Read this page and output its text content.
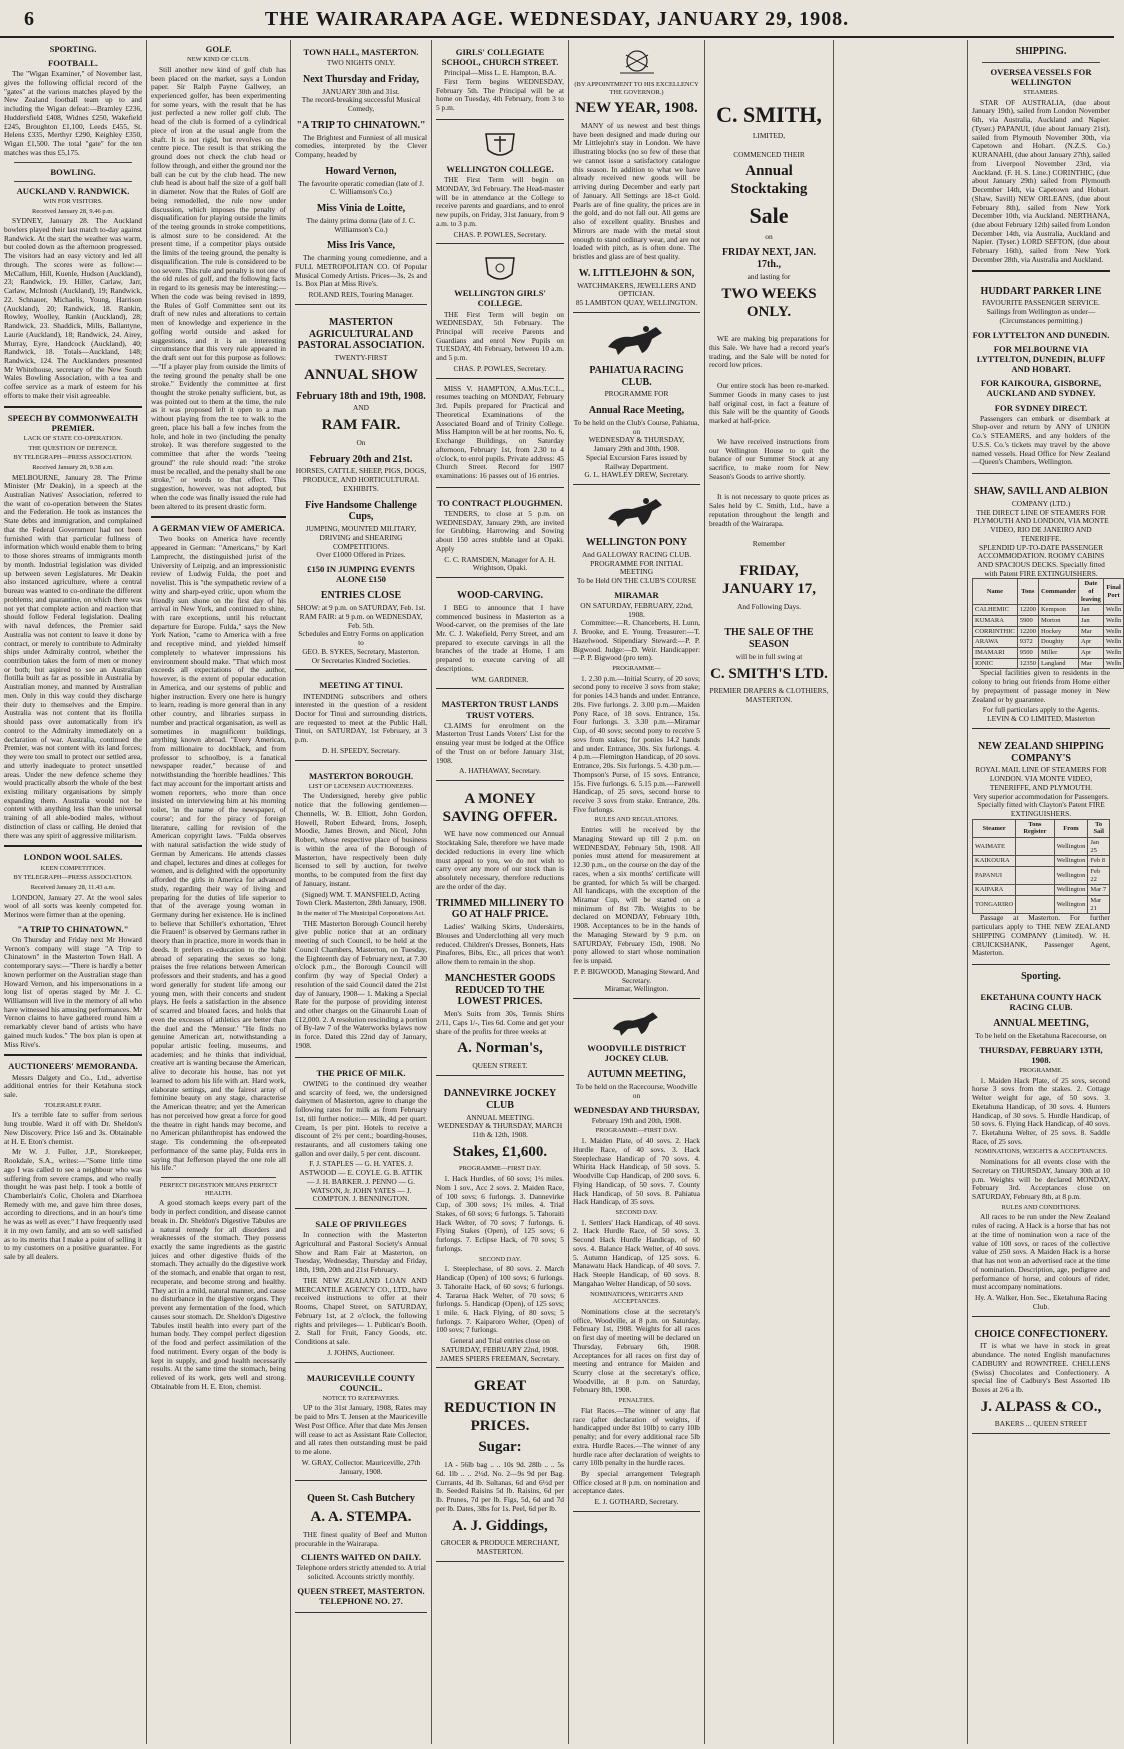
6	THE WAIRARAPA AGE. WEDNESDAY, JANUARY 29, 1908.
SPORTING.
FOOTBALL.

The "Wigan Examiner," of November last, gives the following official record of the "gates" at the various matches played by the New Zealand football team up to and including the Wigan defeat:—Bramley £236, Huddersfield £408, Widnes £250, Wakefield £245, Broughton £1,100, Leeds £455, St. Helens £335, Merthyr £290, Keighley £350, Wigan £1,500. The total "gate" for the ten matches was thus £5,175.

BOWLING.
AUCKLAND V. RANDWICK.
WIN FOR VISITORS.
Received January 28, 9.46 p.m.

SYDNEY, January 28. The Auckland bowlers played their last match to-day against Randwick. At the start the weather was warm, but cooled down as the afternoon progressed. The visitors had an easy victory and led all through. The scores were as follow:— McCallum, Hill, Kuenle, Hudson (Auckland), 23; Randwick, 19. Hiller, Carlaw, Jarr, Carlaw, McIntosh (Auckland), 19; Randwick, 22. Schnauer, Michaelis, Young, Harrison (Auckland), 20; Randwick, 18. Rankin, Rowley, Woolley, Rankin (Auckland), 28; Randwick, 23. Shaddick, Mills, Ballantyne, Laurie (Auckland), 18; Randwick, 24. Airey, Murray, Eyre, Handcock (Auckland), 40; Randwick, 18. Totals—Auckland, 148; Randwick, 124. The Aucklanders presented Mr Whitehouse, secretary of the New South Wales Bowling Association, with a tea and coffee service as a mark of esteem for his efforts to make their visit agreeable.

SPEECH BY COMMONWEALTH PREMIER.
LACK OF STATE CO-OPERATION.
THE QUESTION OF DEFENCE.
BY TELEGRAPH—PRESS ASSOCIATION.
Received January 28, 9.38 a.m.

MELBOURNE, January 28. The Prime Minister (Mr Deakin), in a speech at the Australian Natives' Association, referred to the want of co-operation between the States and the Federation. He took as instances the State debts and immigration, and complained that the Federal Government had not been furnished with that particular fullness of information which would enable them to bring to those shores streams of immigrants month by month. Industrial legislation was divided up between seven Legislatures. Mr Deakin also instanced agriculture, where a central bureau was wanted to co-ordinate the different problems; and quarantine, on which there was not yet that complete action and reaction that should follow Federal legislation. Dealing with naval defences, the Premier said Australia was not content to leave it done by contract, or merely to contribute to Admiralty ships under Admiralty control, whether the contribution takes the form of men or money or both; but aspired to see an Australian flotilla built as far as possible in Australia by Australian money, and manned by Australian men. Only in this way could they discharge their duty to themselves and the Empire. Australia was not content that its flotilla should pass over automatically from it's control to the Admiralty immediately on a declaration of war. Australia, continued the Premier, was not content with its land forces; they were too small to protect our settled area, and utterly inadequate to protect unsettled areas. Under the new defence scheme they would practically absorb the whole of the best existing military organisations by simply expanding them. Australia would not be content with anything less than the universal training of all able-bodied males, without distinction of class or calling. He denied that there was any spirit of aggressive militarism.

LONDON WOOL SALES.
KEEN COMPETITION.
BY TELEGRAPH—PRESS ASSOCIATION.
Received January 28, 11.43 a.m.

LONDON, January 27. At the wool sales wool of all sorts was keenly competed for. Merinos were firmer than at the opening.

"A TRIP TO CHINATOWN."

On Thursday and Friday next Mr Howard Vernon's company will stage "A Trip to Chinatown" in the Masterton Town Hall. A contemporary says:—"There is hardly a better known performer on the Australian stage than Howard Vernon, and his impersonations in a long list of operas staged by Mr J. C. Williamson will live in the memory of all who have witnessed his amusing performances. Mr Vernon claims to have gathered round him a remarkably clever band of artists who have gained much kudos." The box plan is open at Miss Rive's.

AUCTIONEERS' MEMORANDA.

Messrs Dalgety and Co., Ltd., advertise additional entries for their Ketahuna stock sale.

TOLERABLE FARE.

It's a terrible fate to suffer from serious lung trouble. Ward it off with Dr. Sheldon's New Discovery. Price 1s6 and 3s. Obtainable at H. E. Eton's chemist.

Mr W. J. Fuller, J.P., Storekeeper, Rookdale, S.A., writes:—"Some little time ago I was called to see a neighbour who was suffering from severe cramps, and who really thought he was past help. I took a bottle of Chamberlain's Colic, Cholera and Diarrhoea Remedy with me, and gave him three doses, according to directions, and in an hour's time he was as well as ever." I have frequently used it in my own family, and am so well satisfied as to its merits that I make a point of selling it to my customers on a positive guarantee. For sale by all dealers.

GOLF.
NEW KIND OF CLUB.

Still another new kind of golf club has been placed on the market, says a London paper. Sir Ralph Payne Gallwey, an experienced golfer, has been experimenting for some years, with the result that he has just perfected a new roller golf club. The head of the club is formed of a cylindrical piece of iron at the usual angle from the shaft. It is not rigid, but revolves on the centre piece. The result is that striking the ground does not check the club head or follow through, and either the ground nor the ball can be cut by the club head. The new club head is about half the size of a golf ball in diameter. Now that the Rules of Golf are being remodelled, the rule now under discussion, which imposes the penalty of disqualification for playing outside the limits of the teeing grounds in stroke competitions, is almost sure to be considered. At the present time, if a competitor plays outside the limits of the teeing ground, the penalty is disqualification. The rule is considered to be too severe. This rule and penalty is not one of the old rules of golf, and the following facts in regard to its genesis may be interesting:—When the code was being revised in 1899, the Rules of Golf Committee sent out its draft of new rules and alterations to certain men of knowledge and experience in the golfing world outside and asked for suggestions, and it is an interesting circumstance that this very rule appeared in the draft sent out for this purpose as follows:—"If a player play from outside the limits of the teeing ground the penalty shall be one stroke." Evidently the committee at first thought the stroke penalty sufficient, but, as was pointed out to them at the time, the rule as it was proposed left it open to a man without playing from the tee to walk to the green, place his ball a few inches from the hole, and hole in two (including the penalty stroke). It was therefore suggested to the committee that after the words "teeing ground" the rule should read: "the stroke must be recalled, and the penalty shall be one stroke," or words to that effect. This suggestion, however, was not adopted, but when the code was finally issued the rule had been altered to its present drastic form.

A GERMAN VIEW OF AMERICA.

Two books on America have recently appeared in German: "Americans," by Karl Lamprecht, the distinguished jurist of the University of Leipzig, and an impressionistic review of Ludwig Fulda, the poet and novelist. This is "the sympathetic review of a witty and sharp-eyed critic, upon whom the friendly sun shone on the first day of his arrival in New York, and continued to shine, with rare exceptions, until his reluctant departure for Europe. Fulda," says the New York Nation, "came to America with a free and receptive mind, and yielded himself completely to whatever impressions his environment should make. "That which most exceeds all expectations of the author, however, is the extent of popular education in America, and our systems of public and higher instruction. Every one here is hungry to learn, reading is more general than in any other country, and libraries surpass in number and practical organisation, as well as sometimes in magnificent buildings, anything known abroad. "Every American, from millionaire to dockblack, and from professor to schoolboy, is a fanatical newspaper reader," because of and notwithstanding the 'horrible headlines.' This fact may account for the important artists and women reporters, who more than once insisted on interviewing him at his morning toilet, 'in the name of the newspaper, of course'; and for the piracy of foreign literature, calling for revision of the American copyright laws. "Fulda observes with natural satisfaction the wide study of German by Americans. He attends classes and chapel, lectures and dines at colleges for women, and is delighted with the opportunity afforded the girls in America for advanced study, regarding their way of living and preparing for the duties of life superior to that of the average young woman in Germany during her existence. He is inclined to believe that Schiller's exhortation, 'Ehret die Frauen!' is observed by Germans rather in theory than in practice, more in words than in deeds. It prefers co-education to the habit abroad of separating the sexes so long, praises the free relations between American professors and their students, and has a good word generally for student life among our young men, with their concerts and student plays. He feels a satisfaction in the absence of scarred and bloated faces, and holds that even the excesses of athletics are better than the duel and the 'Mensur.' "He finds no genuine American art, notwithstanding a popular artistic feeling, museums, and academies; and he thinks that individual, creative art is wanting because the American, alive to decorate his house, has not yet learned to adorn his life with art. Hard work, elaborate settings, and the fairest array of feminine beauty on any stage, characterise the American theatre; and yet the American has not perceived how great a force for good the theatre in right hands may become, and no American philanthropist has endowed the stage. Tis condemning the oft-repeated performance of the same play, Fulda errs in saying that Jefferson played the one role all his life."

PERFECT DIGESTION MEANS PERFECT HEALTH.

A good stomach keeps every part of the body in perfect condition, and disease cannot break in. Dr. Sheldon's Digestive Tabules are a natural remedy for all disorders and weaknesses of the stomach. They possess exactly the same ingredients as the gastric juices and other digestive fluids of the stomach. They actually do the digestive work of the stomach, and enable that organ to rest, recuperate, and become strong and healthy. They act in a mild, natural manner, and cause no disturbance in the digestive organs. They prevent any fermentation of the food, which causes sour stomach. Dr. Sheldon's Digestive Tabules instil health into every part of the human body. They compel perfect digestion of the food and perfect assimilation of the food nutriment. Every organ of the body is kept in supply, and good health necessarily results. At the same time the stomach, being relieved of its work, gets well and strong. Obtainable from H. E. Eton, chemist.

TOWN HALL, MASTERTON.
TWO NIGHTS ONLY.
Next Thursday and Friday,
JANUARY 30th and 31st.
The record-breaking successful Musical Comedy,
"A TRIP TO CHINATOWN."

The Brightest and Funniest of all musical comedies, interpreted by the Clever Company, headed by

Howard Vernon,
The favourite operatic comedian (late of J. C. Williamson's Co.)
Miss Vinia de Loitte,
The dainty prima donna (late of J. C. Williamson's Co.)
Miss Iris Vance,

The charming young comedienne, and a FULL METROPOLITAN CO. Of Popular Musical Comedy Artists. Prices—3s, 2s and 1s. Box Plan at Miss Rive's.

ROLAND REIS, Touring Manager.
MASTERTON AGRICULTURAL AND PASTORAL ASSOCIATION.
TWENTY-FIRST
ANNUAL SHOW
February 18th and 19th, 1908.
AND
RAM FAIR.
On
February 20th and 21st.
HORSES, CATTLE, SHEEP, PIGS, DOGS, PRODUCE, AND HORTICULTURAL EXHIBITS.
Five Handsome Challenge Cups,
JUMPING, MOUNTED MILITARY, DRIVING and SHEARING COMPETITIONS.
Over £1000 Offered in Prizes.
£150 IN JUMPING EVENTS ALONE £150
ENTRIES CLOSE
SHOW: at 9 p.m. on SATURDAY, Feb. 1st.
RAM FAIR: at 9 p.m. on WEDNESDAY, Feb. 5th.
Schedules and Entry Forms on application to
GEO. B. SYKES, Secretary, Masterton.
Or Secretaries Kindred Societies.
MEETING AT TINUI.

INTENDING subscribers and others interested in the question of a resident Doctor for Tinui and surrounding districts, are requested to meet at the Public Hall, Tinui, on SATURDAY, 1st February, at 3 p.m.

D. H. SPEEDY, Secretary.
MASTERTON BOROUGH.
LIST OF LICENSED AUCTIONEERS.

The Undersigned, hereby give public notice that the following gentlemen— Chennells, W. B. Elliott, John Gordon, Howell, Robert Edward, Irons, Joseph, Moodie, James Brown, and Nicol, John Robert, whose respective place of business is within the area of the Borough of Masterton, have respectively been duly licensed to sell by auction, for twelve months, to be computed from the first day of January, instant.

(Signed) WM. T. MANSFIELD, Acting Town Clerk. Masterton, 28th January, 1908.
In the matter of The Municipal Corporations Act.

THE Masterton Borough Council hereby give public notice that at an ordinary meeting of such Council, to be held at the Council Chambers, Masterton, on Tuesday, the Eighteenth day of February next, at 7.30 o'clock p.m., the Borough Council will confirm (by way of Special Order) a resolution of the said Council dated the 21st day of January, 1908— 1. Making a Special Rate for the purpose of providing interest and other charges on the Ginaurohi Loan of £12,000. 2. A resolution rescinding a portion of By-law 7 of the Waterworks bylaws now in force. Dated this 22nd day of January, 1908.

THE PRICE OF MILK.

OWING to the continued dry weather and scarcity of feed, we, the undersigned dairymen of Masterton, agree to change the following rates for milk as from February 1st, till further notice:— Milk, 4d per quart. Cream, 1s per pint. Hotels to receive a discount of 2½ per cent.; boarding-houses, restaurants, and all customers taking one gallon and over daily, 5 per cent. discount.

F. J. STAPLES — G. H. YATES. J. ASTWOOD — E. COYLE. G. B. ATTIK — J. H. BARKER. J. PENNO — G. WATSON, Jr. JOHN YATES — J. COMPTON. J. BENNINGTON.
SALE OF PRIVILEGES

In connection with the Masterton Agricultural and Pastoral Society's Annual Show and Ram Fair at Masterton, on Tuesday, Wednesday, Thursday and Friday, 18th, 19th, 20th and 21st February.

THE NEW ZEALAND LOAN AND MERCANTILE AGENCY CO., LTD., have received instructions to offer at their Rooms, Chapel Street, on SATURDAY, February 1st, at 2 o'clock, the following rights and privileges— 1. Publican's Booth. 2. Stall for Fruit, Fancy Goods, etc. Conditions at sale.

J. JOHNS, Auctioneer.
MAURICEVILLE COUNTY COUNCIL.
NOTICE TO RATEPAYERS.

UP to the 31st January, 1908, Rates may be paid to Mrs T. Jensen at the Mauriceville West Post Office. After that date Mrs Jensen will cease to act as Assistant Rate Collector, and all rates then outstanding must be paid to me alone.

W. GRAY, Collector. Mauriceville, 27th January, 1908.
Queen St. Cash Butchery
A. A. STEMPA.

THE finest quality of Beef and Mutton procurable in the Wairarapa.

CLIENTS WAITED ON DAILY.
Telephone orders strictly attended to. A trial solicited. Accounts strictly monthly.
QUEEN STREET, MASTERTON. TELEPHONE NO. 27.
GIRLS' COLLEGIATE SCHOOL, CHURCH STREET.
Principal—Miss L. E. Hampton, B.A.

First Term begins WEDNESDAY, February 5th. The Principal will be at home on Tuesday, 4th February, from 3 to 5 p.m.

WELLINGTON COLLEGE.

THE First Term will begin on MONDAY, 3rd February. The Head-master will be in attendance at the College to receive parents and guardians, and to enrol new pupils, on Friday, 31st January, from 9 a.m. to 3 p.m.

CHAS. P. POWLES, Secretary.
WELLINGTON GIRLS' COLLEGE.

THE First Term will begin on WEDNESDAY, 5th February. The Principal will receive Parents and Guardians and enrol New Pupils on TUESDAY, 4th February, between 10 a.m. and 5 p.m.

CHAS. P. POWLES, Secretary.

MISS V. HAMPTON, A.Mus.T.C.L., resumes teaching on MONDAY, February 3rd. Pupils prepared for Practical and Theoretical Examinations of the Associated Board and of Trinity College. Miss Hampton will be at her rooms, No. 6, Exchange Buildings, on Saturday afternoon, February 1st, from 2.30 to 4 o'clock, to enrol pupils. Private address: 45 Church Street. Record for 1907 examinations: 16 passes out of 16 entries.

TO CONTRACT PLOUGHMEN.

TENDERS, to close at 5 p.m. on WEDNESDAY, January 29th, are invited for Grubbing, Harrowing and Sowing about 150 acres stubble land at Opaki. Apply

C. C. RAMSDEN, Manager for A. H. Wrightson, Opaki.
WOOD-CARVING.

I BEG to announce that I have commenced business in Masterton as a Wood-carver, on the premises of the late Mr. C. J. Wakefield, Perry Street, and am prepared to execute carvings in all the branches of the trade at Home, I am prepared to execute carving of all descriptions.

WM. GARDINER.
MASTERTON TRUST LANDS TRUST VOTERS.

CLAIMS for enrolment on the Masterton Trust Lands Voters' List for the ensuing year must be lodged at the Office of the Trust on or before January 31st, 1908.

A. HATHAWAY, Secretary.
A MONEY SAVING OFFER.

WE have now commenced our Annual Stocktaking Sale, therefore we have made decided reductions in every line which must appeal to you, we do not wish to carry over any more of our stock than is absolutely necessary, therefore reductions are the order of the day.

TRIMMED MILLINERY TO GO AT HALF PRICE.

Ladies' Walking Skirts, Underskirts, Blouses and Underclothing all very much reduced. Children's Dresses, Bonnets, Hats Pinafores, Bibs, Etc., all prices that won't allow them to remain in the shop.

MANCHESTER GOODS REDUCED TO THE LOWEST PRICES.

Men's Suits from 30s, Tennis Shirts 2/11, Caps 1/-, Ties 6d. Come and get your share of the profits for three weeks at

A. Norman's,
QUEEN STREET.
DANNEVIRKE JOCKEY CLUB
ANNUAL MEETING.
WEDNESDAY & THURSDAY, MARCH 11th & 12th, 1908.
Stakes, £1,600.
PROGRAMME—FIRST DAY.

1. Hack Hurdles, of 60 sovs; 1½ miles. Nom 1 sov., Acc 2 sovs. 2. Maiden Race, of 100 sovs; 6 furlongs. 3. Dannevirke Cup, of 300 sovs; 1½ miles. 4. Trial Stakes, of 60 sovs; 6 furlongs. 5. Tahoraiti Hack Welter, of 70 sovs; 7 furlongs. 6. Flying Stakes (Open), of 125 sovs; 6 furlongs. 7. Eclipse Hack, of 70 sovs; 5 furlongs.

SECOND DAY.

1. Steeplechase, of 80 sovs. 2. March Handicap (Open) of 100 sovs; 6 furlongs. 3. Tahoraite Hack, of 60 sovs; 6 furlongs. 4. Tararua Hack Welter, of 70 sovs; 6 furlongs. 5. Handicap (Open), of 125 sovs; 1 mile. 6. Hack Flying, of 80 sovs; 5 furlongs. 7. Kaiparoro Welter, (Open) of 100 sovs; 7 furlongs.

General and Trial entries close on SATURDAY, FEBRUARY 22nd, 1908.
JAMES SPIERS FREEMAN, Secretary.
GREAT
REDUCTION IN PRICES.
Sugar:

1A - 56lb bag .. .. 10s 9d. 28lb .. .. 5s 6d. 1lb .. .. 2½d. No. 2—9s 9d per Bag. Currants, 4d lb. Sultanas, 6d and 6½d per lb. Seeded Raisins 5d lb. Raisins, 6d per lb. Prunes, 7d per lb. Figs, 5d, 6d and 7d per lb. Dates, 3lbs for 1s. Peel, 6d per lb.

A. J. Giddings,
GROCER & PRODUCE MERCHANT, MASTERTON.
(BY APPOINTMENT TO HIS EXCELLENCY THE GOVERNOR.)
NEW YEAR, 1908.

MANY of us newest and best things have been designed and made during our Mr Littlejohn's stay in London. We have illustrating blocks (no so few of these that we cannot issue a satisfactory catalogue this season. In addition to what we have already received new goods will be arriving during December and early part of January. All Settings are 18-ct Gold. Pearls are of fine quality, the prices are in the gold, and do not fall out. All gems are also of excellent quality. Brushes and Mirrors are made with the metal stout enough to stand ordinary wear, and are not loaded with pitch, as is often done. The bristles and glass are of best quality.

W. LITTLEJOHN & SON,
WATCHMAKERS, JEWELLERS AND OPTICIAN.
85 LAMBTON QUAY, WELLINGTON.
PAHIATUA RACING CLUB.
PROGRAMME FOR
Annual Race Meeting,
To be held on the Club's Course, Pahiatua, on
WEDNESDAY & THURSDAY,
January 29th and 30th, 1908.
Special Excursion Fares issued by Railway Department.
G. L. HAWLEY DREW, Secretary.
WELLINGTON PONY
And GALLOWAY RACING CLUB.
PROGRAMME FOR INITIAL MEETING
To be Held ON THE CLUB'S COURSE
MIRAMAR
ON SATURDAY, FEBRUARY, 22nd, 1908.

Committee:—R. Chanceberts, H. Lunn, J. Brooke, and E. Young. Treasurer:—T. Hazelwood. Stipendiary Steward:—P. P. Bigwood. Judge:—D. Weir. Handicapper:—P. P. Bigwood (pro tem).

PROGRAMME—

1. 2.30 p.m.—Initial Scurry, of 20 sovs; second pony to receive 3 sovs from stake; for ponies 14.3 hands and under. Entrance, 20s. Five furlongs. 2. 3.00 p.m.—Maiden Pony Race, of 18 sovs. Entrance, 15s. Four furlongs. 3. 3.30 p.m.—Miramar Cup, of 40 sovs; second pony to receive 5 sovs from stakes; for ponies 14.2 hands and under. Entrance, 30s. Six furlongs. 4. 4 p.m.—Flemington Handicap, of 20 sovs. Entrance, 20s. Six furlongs. 5. 4.30 p.m.—Thompson's Purse, of 15 sovs. Entrance, 15s. Five furlongs. 6. 5.15 p.m.—Farewell Handicap, of 25 sovs, second horse to receive 3 sovs from stake. Entrance, 20s. Five furlongs.

RULES AND REGULATIONS.

Entries will be received by the Managing Steward up till 2 p.m. on WEDNESDAY, February 5th, 1908. All ponies must attend for measurement at 12.30 p.m., on the course on the day of the races, when a six months' certificate will be granted, for which 5s will be charged. All handicaps, with the exception of the Miramar Cup, will be started on a minimum of 8st 7lb. Weights to be declared on MONDAY, February 10th, 1908. Acceptances to be in the hands of the Managing Steward by 9 p.m. on SATURDAY, February 15th, 1908. No pony allowed to start whose nomination fee is unpaid.

P. P. BIGWOOD, Managing Steward, And Secretary.
Miramar, Wellington.
WOODVILLE DISTRICT JOCKEY CLUB.
AUTUMN MEETING,
To be held on the Racecourse, Woodville on
WEDNESDAY AND THURSDAY,
February 19th and 20th, 1908.
PROGRAMME—FIRST DAY.

1. Maiden Plate, of 40 sovs. 2. Hack Hurdle Race, of 40 sovs. 3. Hack Steeplechase Handicap of 70 sovs. 4. Whirita Hack Handicap, of 50 sovs. 5. Woodville Cup Handicap, of 200 sovs. 6. Flying Handicap, of 50 sovs. 7. County Hack Handicap, of 50 sovs. 8. Pahiatua Hack Handicap, of 35 sovs.

SECOND DAY.

1. Settlers' Hack Handicap, of 40 sovs. 2. Hack Hurdle Race, of 50 sovs. 3. Second Hack Hurdle Handicap, of 60 sovs. 4. Balance Hack Welter, of 40 sovs. 5. Autumn Handicap, of 125 sovs. 6. Manawatu Hack Handicap, of 40 sovs. 7. Hack Steeple Handicap, of 60 sovs. 8. Mangahao Welter Handicap, of 50 sovs.

NOMINATIONS, WEIGHTS AND ACCEPTANCES.

Nominations close at the secretary's office, Woodville, at 8 p.m. on Saturday, February 1st, 1908. Weights for all races on first day of meeting will be declared on Thursday, February 6th, 1908. Acceptances for all races on first day of meeting and entrance for Maiden and Scurry close at the secretary's office, Woodville, at 8 p.m. on Saturday, February 8th, 1908.

PENALTIES.

Flat Races.—The winner of any flat race (after declaration of weights, if handicapped under 8st 10lb) to carry 10lb penalty; and for every additional race 5lb extra. Hurdle Races.—The winner of any hurdle race after declaration of weights to carry 10lb penalty in the hurdle races.

By special arrangement Telegraph Office closed at 8 p.m. on nomination and acceptance dates.

E. J. GOTHARD, Secretary.
C. SMITH,
LIMITED,
COMMENCED THEIR
Annual Stocktaking
Sale
on
FRIDAY NEXT, JAN. 17th.,
and lasting for
TWO WEEKS ONLY.

WE are making big preparations for this Sale. We have had a record year's trading, and the Sale will be noted for record low prices.

Our entire stock has been re-marked. Summer Goods in many cases to just half original cost, in fact a feature of this Sale will be the quantity of Goods marked at half-price.

We have received instructions from our Wellington House to quit the balance of our Summer Stock at any sacrifice, to make room for New Season's Goods to arrive shortly.

It is not necessary to quote prices as Sales held by C. Smith, Ltd., have a reputation throughout the length and breadth of the Wairarapa.

Remember
FRIDAY, JANUARY 17,
And Following Days.
THE SALE OF THE SEASON
will be in full swing at
C. SMITH'S LTD.
PREMIER DRAPERS & CLOTHIERS, MASTERTON.
SHIPPING.
OVERSEA VESSELS FOR WELLINGTON
STEAMERS.

STAR OF AUSTRALIA, (due about January 19th), sailed from London November 6th, via Australia, Auckland and Napier. (Tyser.) PAPANUI, (due about January 21st), sailed from Plymouth November 30th, via Capetown and Hobart. (N.Z.S. Co.) KURANAHI, (due about January 27th), sailed from Liverpool November 23rd, via Auckland. (F. H. S. Line.) CORINTHIC, (due about January 29th) sailed from Plymouth December 14th, via Capetown and Hobart. (Shaw, Savill) NEW ORLEANS, (due about February 8th), sailed from New York December 10th, via Auckland. NERTHANA, (due about February 12th) sailed from London December 14th, via Australia, Auckland and Napier. (Tyser.) LORD SEFTON, (due about February 16th), sailed from New York December 28th, via Australia and Auckland.

HUDDART PARKER LINE
FAVOURITE PASSENGER SERVICE.
Sailings from Wellington as under— (Circumstances permitting.)
FOR LYTTELTON AND DUNEDIN.
FOR MELBOURNE VIA LYTTELTON, DUNEDIN, BLUFF AND HOBART.
FOR KAIKOURA, GISBORNE, AUCKLAND AND SYDNEY.
FOR SYDNEY DIRECT.

Passengers can embark or disembark at Shop-over and return by ANY of UNION Co.'s STEAMERS, and any holders of the U.S.S. Co.'s tickets may travel by the above named vessels. Head Office for New Zealand—Queen's Chambers, Wellington.

SHAW, SAVILL AND ALBION
COMPANY (LTD.)
THE DIRECT LINE OF STEAMERS FOR PLYMOUTH AND LONDON, VIA MONTE VIDEO, RIO DE JANEIRO AND TENERIFFE.
SPLENDID UP-TO-DATE PASSENGER ACCOMMODATION. ROOMY CABINS AND SPACIOUS DECKS. Specially fitted with Patent FIRE EXTINGUISHERS.
Name	Tons	Commander	Date of leaving	Final Port
CALHEMIC	12200	Kempson	Jan	Welln
KUMARA	5900	Morton	Jan	Welln
CORRINTHIC	12200	Hockey	Mar	Welln
ARAWA	9372	Doughty	Apr	Welln
IMAMARI	9500	Miller	Apr	Welln
IONIC	12350	Langland	Mar	Welln

Special facilities given to residents in the colony to bring out friends from Home either by prepayment of passage money in New Zealand or by guarantee.

For full particulars apply to the Agents. LEVIN & CO LIMITED, Masterton
NEW ZEALAND SHIPPING COMPANY'S
ROYAL MAIL LINE OF STEAMERS FOR LONDON. VIA MONTE VIDEO, TENERIFFE, AND PLYMOUTH.
Very superior accommodation for Passengers. Specially fitted with Clayton's Patent FIRE EXTINGUISHERS.
Steamer	Tons Register	From	To Sail
WAIMATE		Wellington	Jan 25
KAIKOURA		Wellington	Feb 8
PAPANUI		Wellington	Feb 22
KAIPARA		Wellington	Mar 7
TONGARIRO		Wellington	Mar 21

Passage at Masterton. For further particulars apply to THE NEW ZEALAND SHIPPING COMPANY (Limited). W. H. CRUICKSHANK, Passenger Agent, Masterton.

Sporting.
EKETAHUNA COUNTY HACK RACING CLUB.
ANNUAL MEETING,
To be held on the Eketahuna Racecourse, on
THURSDAY, FEBRUARY 13TH, 1908.
PROGRAMME.

1. Maiden Hack Plate, of 25 sovs, second horse 3 sovs from the stakes. 2. Cottage Welter weight for age, of 50 sovs. 3. Eketahuna Handicap, of 30 sovs. 4. Hunters Handicap, of 30 sovs. 5. Hurdle Handicap, of 50 sovs. 6. Flying Hack Handicap, of 40 sovs. 7. Eketahuna Welter, of 25 sovs. 8. Saddle Race, of 25 sovs.

NOMINATIONS, WEIGHTS & ACCEPTANCES.

Nominations for all events close with the Secretary on THURSDAY, January 30th at 10 p.m. Weights will be declared MONDAY, February 3rd. Acceptances close on SATURDAY, February 8th, at 8 p.m.

RULES AND CONDITIONS.

All races to be run under the New Zealand rules of racing. A Hack is a horse that has not at the time of nomination won a race of the value of 100 sovs, or races of the collective value of 250 sovs. A Maiden Hack is a horse that has not won an advertised race at the time of nomination. Description, age, pedigree and performance of horse, and colours of rider, must accompany nominations.

Hy. A. Walker, Hon. Sec., Eketahuna Racing Club.
CHOICE CONFECTIONERY.

IT is what we have in stock in great abundance. The noted English manufactures CADBURY and ROWNTREE. CHELLENS (Swiss) Chocolates and Confectionery. A special line of Cadbury's Best Assorted 1lb Boxes at 2/6 a lb.

J. ALPASS & CO.,
BAKERS ... QUEEN STREET
